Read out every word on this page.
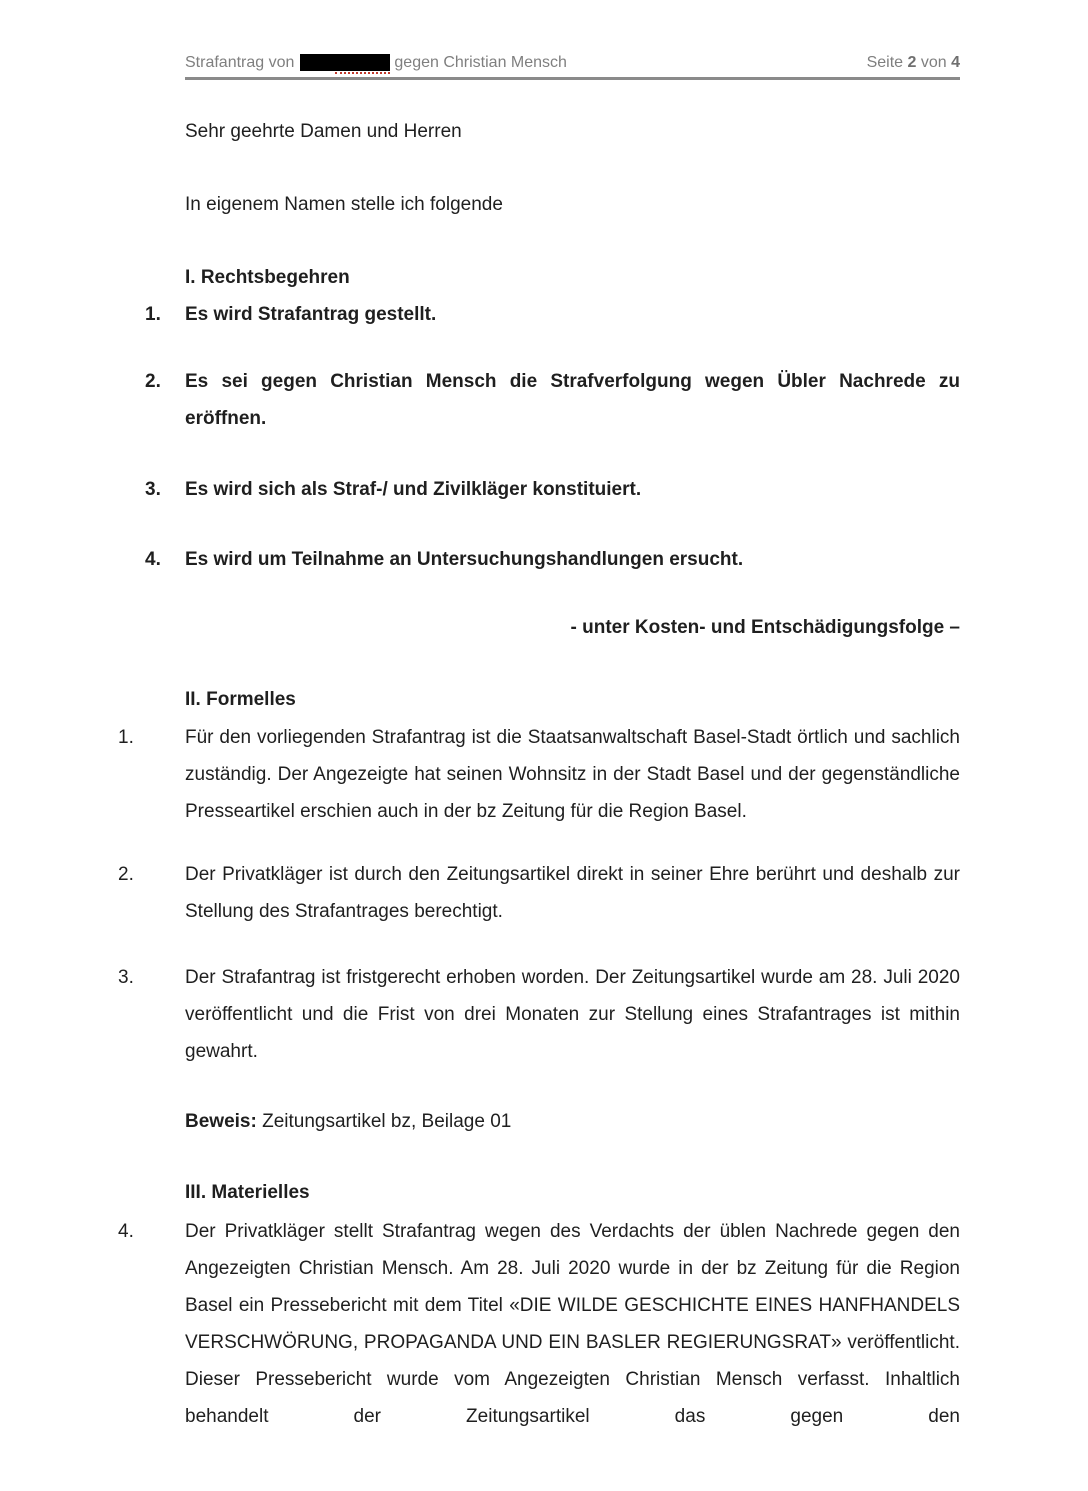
Strafantrag von	gegen Christian Mensch	Seite 2 von 4

Sehr geehrte Damen und Herren

In eigenem Namen stelle ich folgende

I. Rechtsbegehren
1. Es wird Strafantrag gestellt.

2. Es sei gegen Christian Mensch die Strafverfolgung wegen Übler Nachrede zu eröffnen.

3. Es wird sich als Straf-/ und Zivilkläger konstituiert.

4. Es wird um Teilnahme an Untersuchungshandlungen ersucht.

- unter Kosten- und Entschädigungsfolge –

II. Formelles
1.	Für den vorliegenden Strafantrag ist die Staatsanwaltschaft Basel-Stadt örtlich und sachlich zuständig. Der Angezeigte hat seinen Wohnsitz in der Stadt Basel und der gegenständliche Presseartikel erschien auch in der bz Zeitung für die Region Basel.

2.	Der Privatkläger ist durch den Zeitungsartikel direkt in seiner Ehre berührt und deshalb zur Stellung des Strafantrages berechtigt.

3.	Der Strafantrag ist fristgerecht erhoben worden. Der Zeitungsartikel wurde am 28. Juli 2020 veröffentlicht und die Frist von drei Monaten zur Stellung eines Strafantrages ist mithin gewahrt.

Beweis: Zeitungsartikel bz, Beilage 01

III. Materielles
4.	Der Privatkläger stellt Strafantrag wegen des Verdachts der üblen Nachrede gegen den Angezeigten Christian Mensch. Am 28. Juli 2020 wurde in der bz Zeitung für die Region Basel ein Pressebericht mit dem Titel «DIE WILDE GESCHICHTE EINES HANFHANDELS VERSCHWÖRUNG, PROPAGANDA UND EIN BASLER REGIERUNGSRAT» veröffentlicht. Dieser Pressebericht wurde vom Angezeigten Christian Mensch verfasst. Inhaltlich behandelt der Zeitungsartikel das gegen den
